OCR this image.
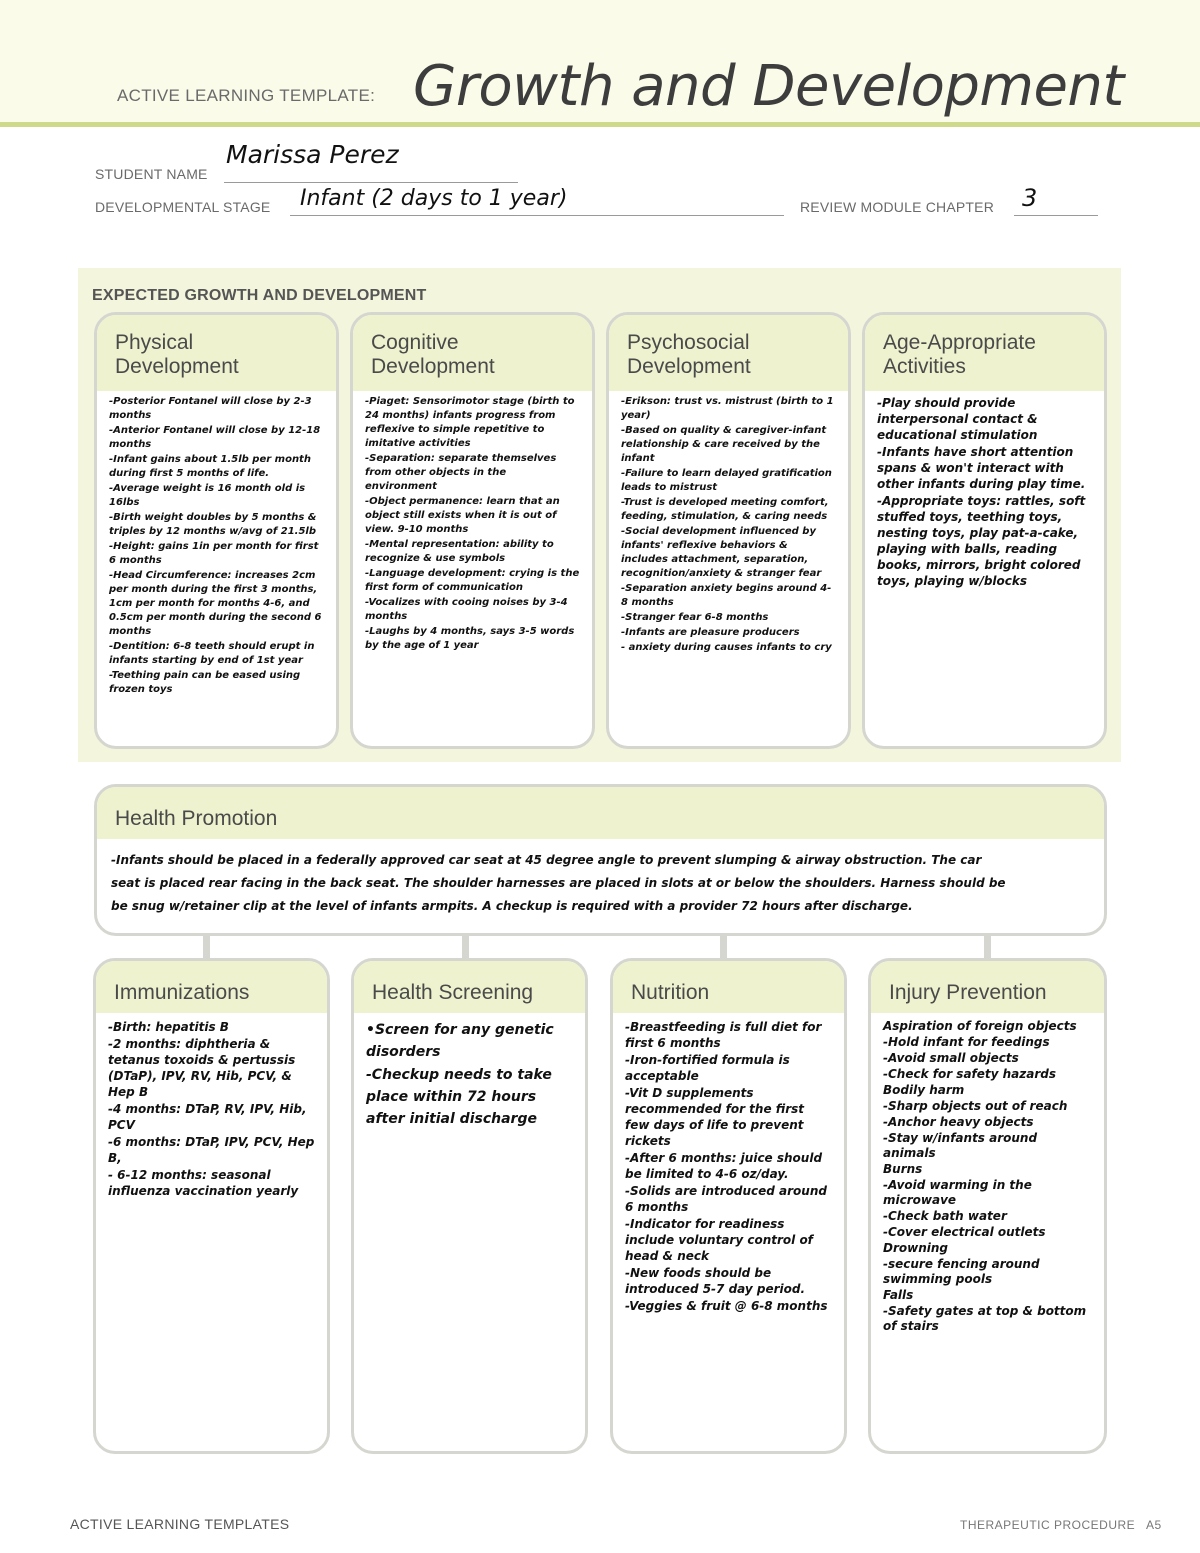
ACTIVE LEARNING TEMPLATE: Growth and Development
STUDENT NAME
Marissa Perez
DEVELOPMENTAL STAGE Infant (2 days to 1 year)	REVIEW MODULE CHAPTER 3
EXPECTED GROWTH AND DEVELOPMENT
Physical
Development
-Posterior Fontanel will close by 2-3 months
-Anterior Fontanel will close by 12-18 months
-Infant gains about 1.5lb per month during first 5 months of life.
-Average weight is 16 month old is 16lbs
-Birth weight doubles by 5 months & triples by 12 months w/avg of 21.5lb
-Height: gains 1in per month for first 6 months
-Head Circumference: increases 2cm per month during the first 3 months, 1cm per month for months 4-6, and 0.5cm per month during the second 6 months
-Dentition: 6-8 teeth should erupt in infants starting by end of 1st year
-Teething pain can be eased using frozen toys
Cognitive
Development
-Piaget: Sensorimotor stage (birth to 24 months) infants progress from reflexive to simple repetitive to imitative activities
-Separation: separate themselves from other objects in the environment
-Object permanence: learn that an object still exists when it is out of view. 9-10 months
-Mental representation: ability to recognize & use symbols
-Language development: crying is the first form of communication
-Vocalizes with cooing noises by 3-4 months
-Laughs by 4 months, says 3-5 words by the age of 1 year
Psychosocial
Development
-Erikson: trust vs. mistrust (birth to 1 year)
-Based on quality & caregiver-infant relationship & care received by the infant
-Failure to learn delayed gratification leads to mistrust
-Trust is developed meeting comfort, feeding, stimulation, & caring needs
-Social development influenced by infants' reflexive behaviors & includes attachment, separation, recognition/anxiety & stranger fear
-Separation anxiety begins around 4-8 months
-Stranger fear 6-8 months
-Infants are pleasure producers
- anxiety during causes infants to cry
Age-Appropriate
Activities
-Play should provide interpersonal contact & educational stimulation
-Infants have short attention spans & won't interact with other infants during play time.
-Appropriate toys: rattles, soft stuffed toys, teething toys, nesting toys, play pat-a-cake, playing with balls, reading books, mirrors, bright colored toys, playing w/blocks
Health Promotion
-Infants should be placed in a federally approved car seat at 45 degree angle to prevent slumping & airway obstruction. The car
seat is placed rear facing in the back seat. The shoulder harnesses are placed in slots at or below the shoulders. Harness should be
be snug w/retainer clip at the level of infants armpits. A checkup is required with a provider 72 hours after discharge.
Immunizations
-Birth: hepatitis B
-2 months: diphtheria & tetanus toxoids & pertussis (DTaP), IPV, RV, Hib, PCV, & Hep B
-4 months: DTaP, RV, IPV, Hib, PCV
-6 months: DTaP, IPV, PCV, Hep B,
- 6-12 months: seasonal influenza vaccination yearly
Health Screening
•Screen for any genetic disorders
-Checkup needs to take place within 72 hours after initial discharge
Nutrition
-Breastfeeding is full diet for first 6 months
-Iron-fortified formula is acceptable
-Vit D supplements recommended for the first few days of life to prevent rickets
-After 6 months: juice should be limited to 4-6 oz/day.
-Solids are introduced around 6 months
-Indicator for readiness include voluntary control of head & neck
-New foods should be introduced 5-7 day period.
-Veggies & fruit @ 6-8 months
Injury Prevention
Aspiration of foreign objects
-Hold infant for feedings
-Avoid small objects
-Check for safety hazards
Bodily harm
-Sharp objects out of reach
-Anchor heavy objects
-Stay w/infants around animals
Burns
-Avoid warming in the microwave
-Check bath water
-Cover electrical outlets
Drowning
-secure fencing around swimming pools
Falls
-Safety gates at top & bottom of stairs
ACTIVE LEARNING TEMPLATES	THERAPEUTIC PROCEDURE   A5
